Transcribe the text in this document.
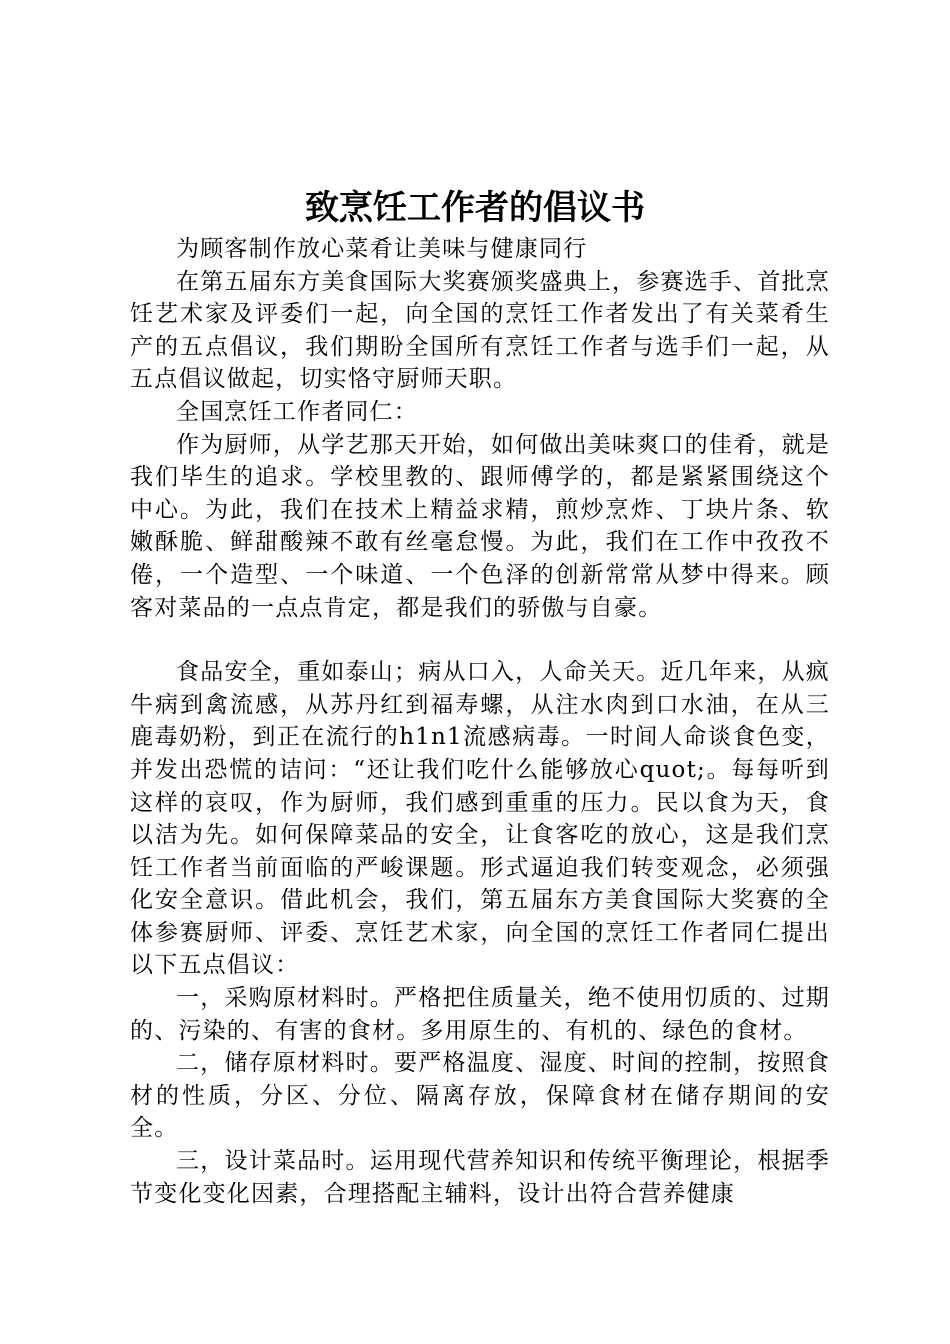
致烹饪工作者的倡议书

为顾客制作放心菜肴让美味与健康同行

在第五届东方美食国际大奖赛颁奖盛典上，参赛选手、首批烹饪艺术家及评委们一起，向全国的烹饪工作者发出了有关菜肴生产的五点倡议，我们期盼全国所有烹饪工作者与选手们一起，从五点倡议做起，切实恪守厨师天职。

全国烹饪工作者同仁：

作为厨师，从学艺那天开始，如何做出美味爽口的佳肴，就是我们毕生的追求。学校里教的、跟师傅学的，都是紧紧围绕这个中心。为此，我们在技术上精益求精，煎炒烹炸、丁块片条、软嫩酥脆、鲜甜酸辣不敢有丝毫怠慢。为此，我们在工作中孜孜不倦，一个造型、一个味道、一个色泽的创新常常从梦中得来。顾客对菜品的一点点肯定，都是我们的骄傲与自豪。

食品安全，重如泰山；病从口入，人命关天。近几年来，从疯牛病到禽流感，从苏丹红到福寿螺，从注水肉到口水油，在从三鹿毒奶粉，到正在流行的h1n1流感病毒。一时间人命谈食色变，并发出恐慌的诘问：“还让我们吃什么能够放心quot;。每每听到这样的哀叹，作为厨师，我们感到重重的压力。民以食为天，食以洁为先。如何保障菜品的安全，让食客吃的放心，这是我们烹饪工作者当前面临的严峻课题。形式逼迫我们转变观念，必须强化安全意识。借此机会，我们，第五届东方美食国际大奖赛的全体参赛厨师、评委、烹饪艺术家，向全国的烹饪工作者同仁提出以下五点倡议：

一，采购原材料时。严格把住质量关，绝不使用忉质的、过期的、污染的、有害的食材。多用原生的、有机的、绿色的食材。

二，储存原材料时。要严格温度、湿度、时间的控制，按照食材的性质，分区、分位、隔离存放，保障食材在储存期间的安全。

三，设计菜品时。运用现代营养知识和传统平衡理论，根据季节变化变化因素，合理搭配主辅料，设计出符合营养健康
